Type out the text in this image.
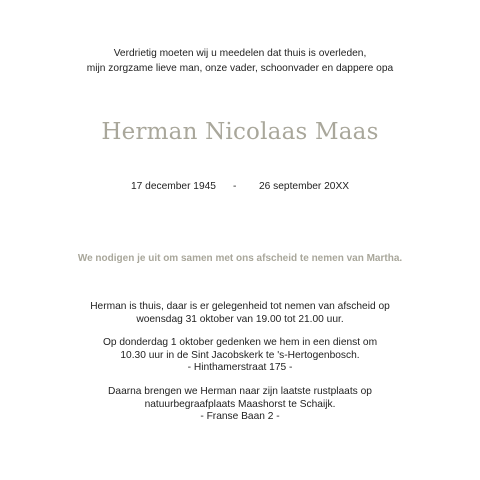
Verdrietig moeten wij u meedelen dat thuis is overleden,
mijn zorgzame lieve man, onze vader, schoonvader en dappere opa
Herman Nicolaas Maas
17 december 1945 - 26 september 20XX
We nodigen je uit om samen met ons afscheid te nemen van Martha.
Herman is thuis, daar is er gelegenheid tot nemen van afscheid op
woensdag 31 oktober van 19.00 tot 21.00 uur.
Op donderdag 1 oktober gedenken we hem in een dienst om
10.30 uur in de Sint Jacobskerk te 's-Hertogenbosch.
- Hinthamerstraat 175 -
Daarna brengen we Herman naar zijn laatste rustplaats op
natuurbegraafplaats Maashorst te Schaijk.
- Franse Baan 2 -
